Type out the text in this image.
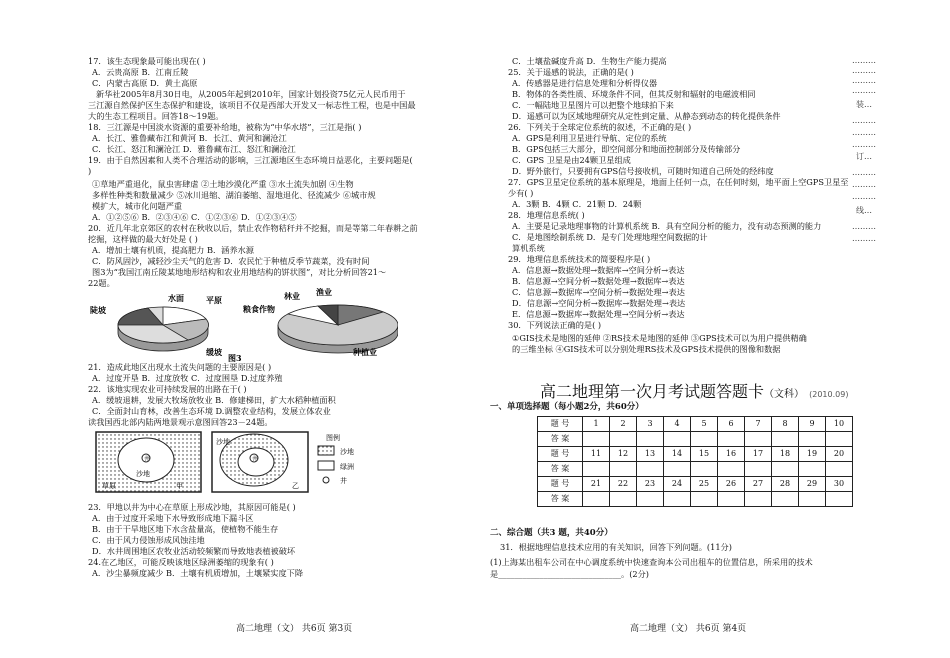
17．该生态现象最可能出现在( )
A．云贵高原 B．江南丘陵
C．内蒙古高原 D．黄土高原
新华社2005年8月30日电，从2005年起到2010年，国家计划投资75亿元人民币用于
三江源自然保护区生态保护和建设，该项目不仅是西部大开发又一标志性工程，也是中国最
大的生态工程项目。回答18～19题。
18．三江源是中国淡水资源的重要补给地，被称为“中华水塔”，三江是指( )
A．长江、雅鲁藏布江和黄河 B．长江、黄河和澜沧江
C．长江、怒江和澜沧江 D．雅鲁藏布江、怒江和澜沧江
19．由于自然因素和人类不合理活动的影响，三江源地区生态环境日益恶化，主要问题是(
)
①草地严重退化，鼠虫害肆虐 ②土地沙漠化严重 ③水土流失加剧 ④生物
多样性种类和数量减少 ⑤冰川退缩、湖泊萎缩、湿地退化、径流减少 ⑥城市规
模扩大，城市化问题严重
A．①②⑤⑥ B．②③④⑥ C．①②③⑥ D．①②③④⑤
20．近几年北京郊区的农村在秋收以后，禁止农作物秸秆并不挖掘，而是等第二年春耕之前
挖掘，这样做的最大好处是 ( )
A．增加土壤有机质，提高肥力 B．涵养水源
C．防风固沙，减轻沙尘天气的危害 D．农民忙于种植反季节蔬菜，没有时间
图3为“我国江南丘陵某地地形结构和农业用地结构的饼状图”，对比分析回答21～
22题。
陡坡
水面	平原
缓坡
图3
林业 渔业
粮食作物
种植业
21．造成此地区出现水土流失问题的主要原因是( )
A．过度开垦 B．过度放牧 C．过度围垦 D.过度养殖
22．该地实现农业可持续发展的出路在于( )
A．缓坡退耕，发展大牧场放牧业 B．修建梯田，扩大水稻种植面积
C．全面封山育林，改善生态环境 D.调整农业结构，发展立体农业
读我国西北部内陆两地景观示意图回答23－24题。
井
沙地
草原	甲
沙地
井
乙
图例
沙地
绿洲
井
23．甲地以井为中心在草原上形成沙地，其原因可能是( )
A．由于过度开采地下水导致形成地下漏斗区
B．由于干旱地区地下水含盐量高，使植物不能生存
C．由于风力侵蚀形成风蚀洼地
D．水井周围地区农牧业活动较频繁而导致地表植被破坏
24.在乙地区，可能反映该地区绿洲萎缩的现象有( )
A．沙尘暴频度减少 B．土壤有机质增加，土壤紧实度下降
高二地理（文） 共6页 第3页
C．土壤盐碱度升高 D．生物生产能力提高
25．关于遥感的说法，正确的是( )
A．传感器是进行信息处理和分析得仪器
B．物体的各类性质、环境条件不同，但其反射和辐射的电磁波相同
C．一幅陆地卫星图片可以把整个地球拍下来
D．遥感可以为区域地理研究从定性到定量、从静态到动态的转化提供条件
26．下列关于全球定位系统的叙述，不正确的是( )
A．GPS是利用卫星进行导航、定位的系统
B．GPS包括三大部分，即空间部分和地面控制部分及传输部分
C．GPS 卫星是由24颗卫星组成
D．野外旅行，只要拥有GPS信号接收机，可随时知道自己所处的经纬度
27．GPS卫星定位系统的基本原理是，地面上任何一点，在任何时刻，地平面上空GPS卫星至
少有( )
A．3颗 B．4颗 C．21颗 D．24颗
28．地理信息系统( )
A．主要是记录地理事物的计算机系统 B．具有空间分析的能力，没有动态预测的能力
C．是地图绘制系统 D．是专门处理地理空间数据的计
算机系统
29．地理信息系统技术的简要程序是( )
A．信息源→数据处理→数据库→空间分析→表达
B．信息源→空间分析→数据处理→数据库→表达
C．信息源→数据库→空间分析→数据处理→表达
D．信息源→空间分析→数据库→数据处理→表达
E．信息源→数据库→数据处理→空间分析→表达
30．下列说法正确的是( )
①GIS技术是地图的延伸 ②RS技术是地图的延伸 ③GPS技术可以为用户提供精确
的三维坐标 ④GIS技术可以分别处理RS技术及GPS技术提供的图像和数据
高二地理第一次月考试题答题卡（文科） (2010.09)
一、单项选择题（每小题2分，共60分）
题 号	1	2	3	4	5	6	7	8	9	10
答 案										
题 号	11	12	13	14	15	16	17	18	19	20
答 案										
题 号	21	22	23	24	25	26	27	28	29	30
答 案										
二、综合题（共3 题，共40分）
31．根据地理信息技术应用的有关知识，回答下列问题。(11分)
(1)上海某出租车公司在中心调度系统中快速查询本公司出租车的位置信息，所采用的技术
是______________________________。(2分)
高二地理（文） 共6页 第4页
………
………
………
………
装…
………
………
………
订…
………
………
………
线…
………
………
